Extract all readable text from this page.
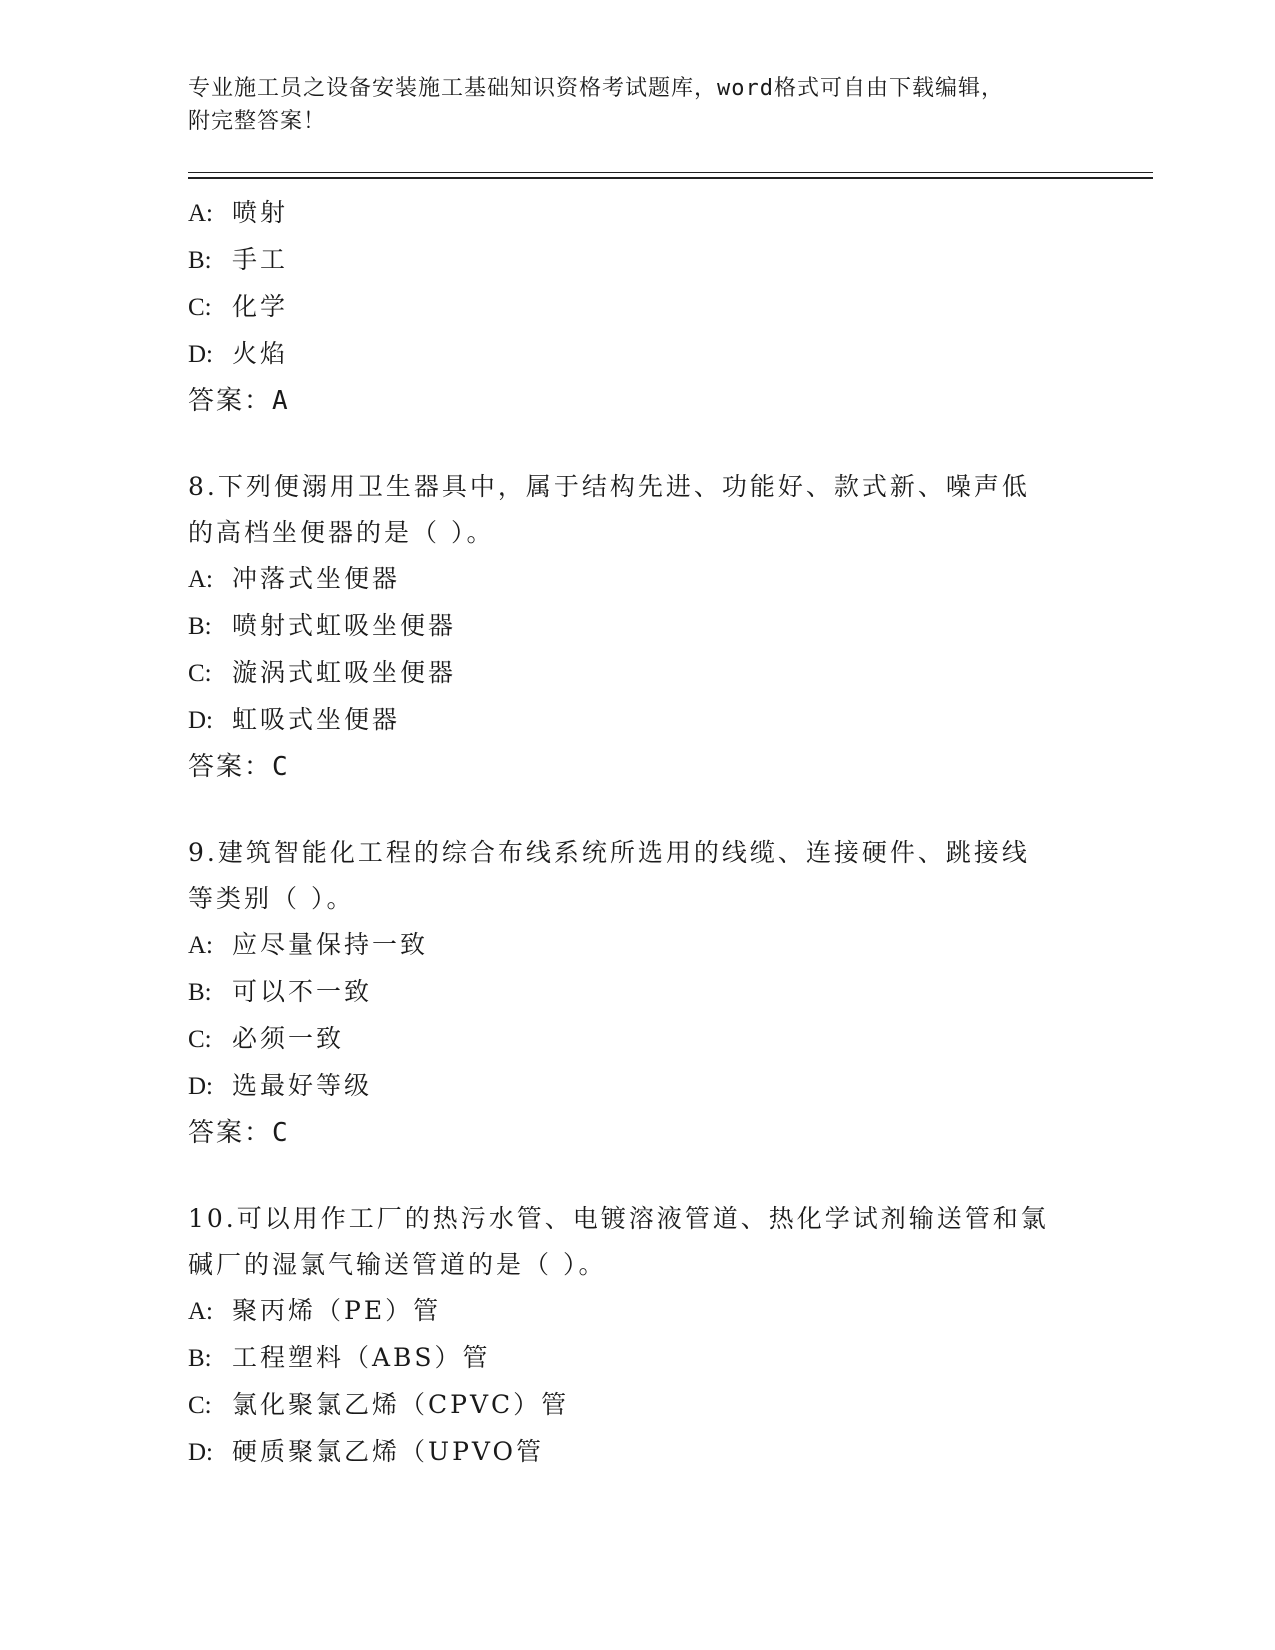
专业施工员之设备安装施工基础知识资格考试题库，word格式可自由下载编辑，
附完整答案！
A: 喷射
B: 手工
C: 化学
D: 火焰
答案：A
8.下列便溺用卫生器具中，属于结构先进、功能好、款式新、噪声低
的高档坐便器的是（ ）。
A: 冲落式坐便器
B: 喷射式虹吸坐便器
C: 漩涡式虹吸坐便器
D: 虹吸式坐便器
答案：C
9.建筑智能化工程的综合布线系统所选用的线缆、连接硬件、跳接线
等类别（ ）。
A: 应尽量保持一致
B: 可以不一致
C: 必须一致
D: 选最好等级
答案：C
10.可以用作工厂的热污水管、电镀溶液管道、热化学试剂输送管和氯
碱厂的湿氯气输送管道的是（ ）。
A: 聚丙烯（PE）管
B: 工程塑料（ABS）管
C: 氯化聚氯乙烯（CPVC）管
D: 硬质聚氯乙烯（UPVO管
